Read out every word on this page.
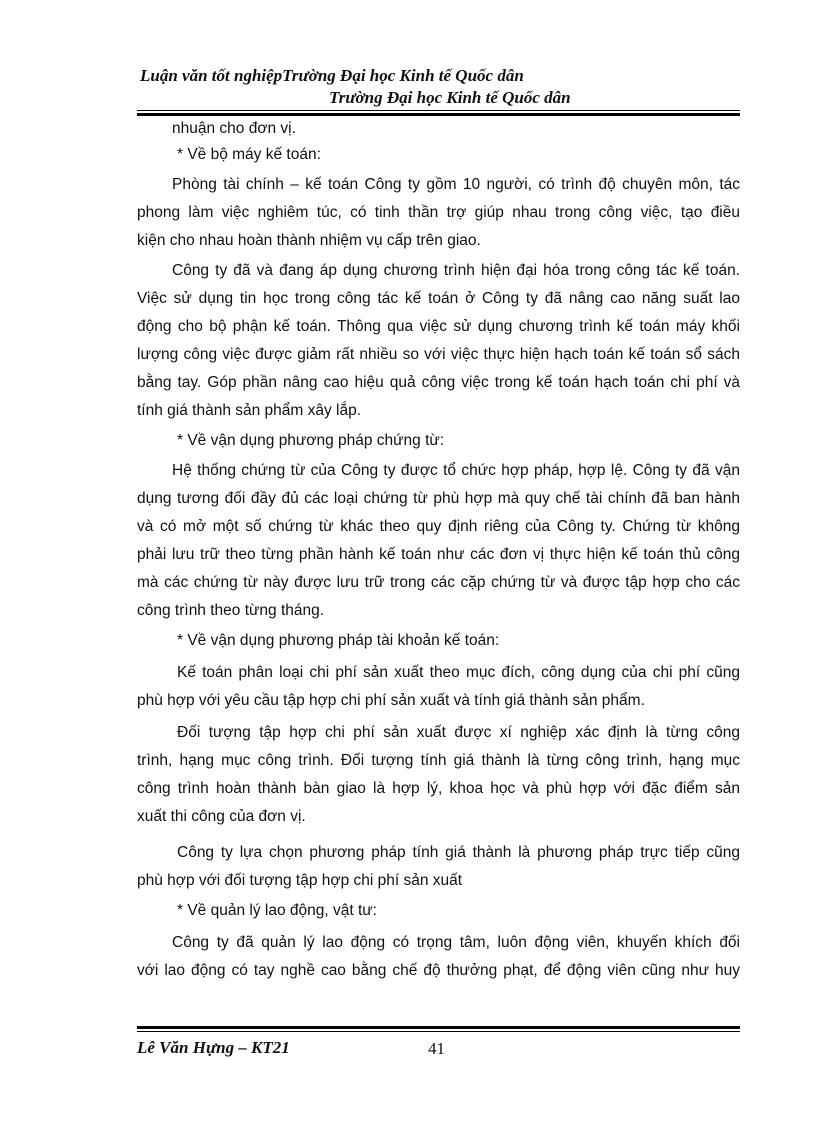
Luận văn tốt nghiệpTrường Đại học Kinh tế Quốc dân
Trường Đại học Kinh tế Quốc dân
nhuận cho đơn vị.
* Về bộ máy kế toán:
Phòng tài chính – kế toán Công ty gồm 10 người, có trình độ chuyên môn, tác
phong làm việc nghiêm túc, có tinh thần trợ giúp nhau trong công việc, tạo điều
kiện cho nhau hoàn thành nhiệm vụ cấp trên giao.
Công ty đã và đang áp dụng chương trình hiện đại hóa trong công tác kế toán.
Việc sử dụng tin học trong công tác kế toán ở Công ty đã nâng cao năng suất lao
động cho bộ phận kế toán. Thông qua việc sử dụng chương trình kế toán máy khối
lượng công việc được giảm rất nhiều so với việc thực hiện hạch toán kế toán sổ sách
bằng tay. Góp phần nâng cao hiệu quả công việc trong kế toán hạch toán chi phí và
tính giá thành sản phẩm xây lắp.
* Về vận dụng phương pháp chứng từ:
Hệ thống chứng từ của Công ty được tổ chức hợp pháp, hợp lệ. Công ty đã vận
dụng tương đối đầy đủ các loại chứng từ phù hợp mà quy chế tài chính đã ban hành
và có mở một số chứng từ khác theo quy định riêng của Công ty. Chứng từ không
phải lưu trữ theo từng phần hành kế toán như các đơn vị thực hiện kế toán thủ công
mà các chứng từ này được lưu trữ trong các cặp chứng từ và được tập hợp cho các
công trình theo từng tháng.
* Về vận dụng phương pháp tài khoản kế toán:
Kế toán phân loại chi phí sản xuất theo mục đích, công dụng của chi phí cũng
phù hợp với yêu cầu tập hợp chi phí sản xuất và tính giá thành sản phẩm.
Đối tượng tập hợp chi phí sản xuất được xí nghiệp xác định là từng công
trình, hạng mục công trình. Đối tượng tính giá thành là từng công trình, hạng mục
công trình hoàn thành bàn giao là hợp lý, khoa học và phù hợp với đặc điểm sản
xuất thi công của đơn vị.
Công ty lựa chọn phương pháp tính giá thành là phương pháp trực tiếp cũng
phù hợp với đối tượng tập hợp chi phí sản xuất
* Về quản lý lao động, vật tư:
Công ty đã quản lý lao động có trọng tâm, luôn động viên, khuyến khích đối
với lao động có tay nghề cao bằng chế độ thưởng phạt, để động viên cũng như huy
Lê Văn Hựng – KT21	41
